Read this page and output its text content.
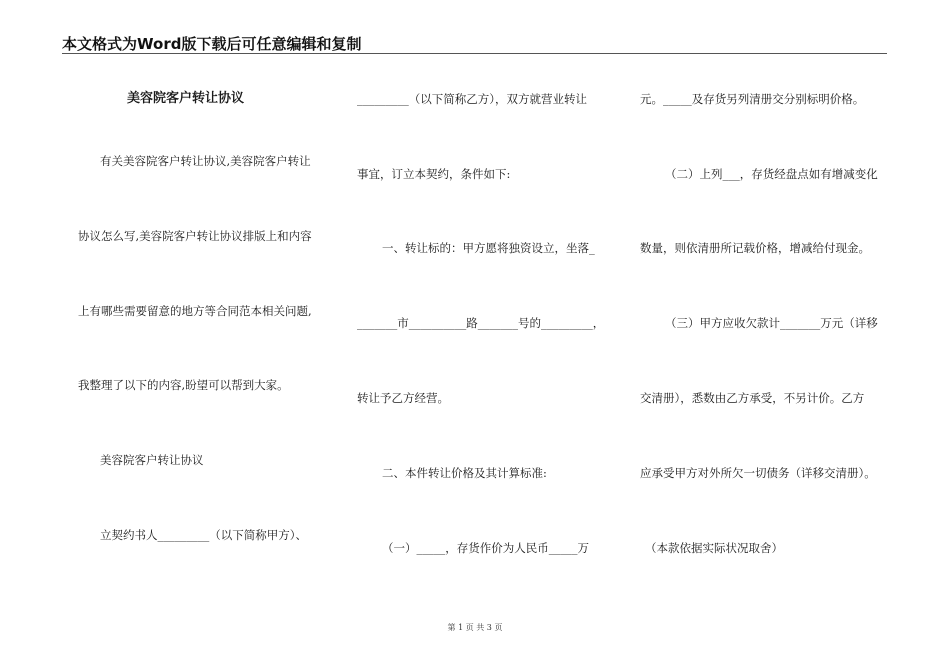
本文格式为Word版下载后可任意编辑和复制
美容院客户转让协议
有关美容院客户转让协议,美容院客户转让
协议怎么写,美容院客户转让协议排版上和内容
上有哪些需要留意的地方等合同范本相关问题,
我整理了以下的内容,盼望可以帮到大家。
美容院客户转让协议
立契约书人_________（以下简称甲方）、
_________（以下简称乙方），双方就营业转让
事宜，订立本契约，条件如下:
一、转让标的：甲方愿将独资设立，坐落_
_______市__________路_______号的_________，
转让予乙方经营。
二、本件转让价格及其计算标准:
（一）_____，存货作价为人民币_____万
元。_____及存货另列清册交分别标明价格。
（二）上列___，存货经盘点如有增减变化
数量，则依清册所记载价格，增减给付现金。
（三）甲方应收欠款计_______万元（详移
交清册），悉数由乙方承受，不另计价。乙方
应承受甲方对外所欠一切债务（详移交清册）。
（本款依据实际状况取舍）
第 1 页 共 3 页
